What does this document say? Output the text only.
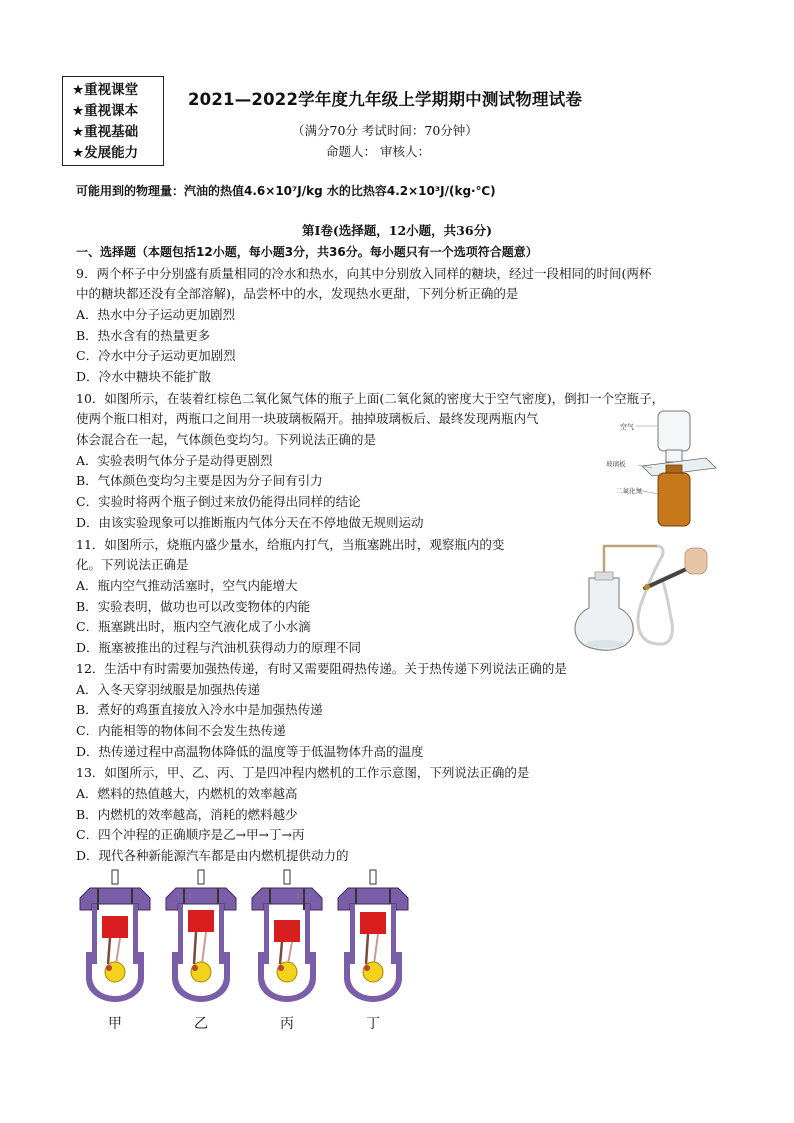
★重视课堂
★重视课本
★重视基础
★发展能力
2021—2022学年度九年级上学期期中测试物理试卷
（满分70分 考试时间：70分钟）
命题人： 审核人：
可能用到的物理量：汽油的热值4.6×10⁷J/kg 水的比热容4.2×10³J/(kg·℃)
第Ⅰ卷(选择题，12小题，共36分)
一、选择题（本题包括12小题，每小题3分，共36分。每小题只有一个选项符合题意）
9．两个杯子中分别盛有质量相同的冷水和热水，向其中分别放入同样的糖块，经过一段相同的时间(两杯
中的糖块都还没有全部溶解)，品尝杯中的水，发现热水更甜，下列分析正确的是
A．热水中分子运动更加剧烈
B．热水含有的热量更多
C．冷水中分子运动更加剧烈
D．冷水中糖块不能扩散
10．如图所示，在装着红棕色二氧化氮气体的瓶子上面(二氧化氮的密度大于空气密度)，倒扣一个空瓶子，
使两个瓶口相对，两瓶口之间用一块玻璃板隔开。抽掉玻璃板后、最终发现两瓶内气
体会混合在一起，气体颜色变均匀。下列说法正确的是
A．实验表明气体分子是动得更剧烈
B．气体颜色变均匀主要是因为分子间有引力
C．实验时将两个瓶子倒过来放仍能得出同样的结论
D．由该实验现象可以推断瓶内气体分天在不停地做无规则运动
空气
玻璃板
二氧化氮
11．如图所示，烧瓶内盛少量水，给瓶内打气，当瓶塞跳出时，观察瓶内的变
化。下列说法正确是
A．瓶内空气推动活塞时，空气内能增大
B．实验表明，做功也可以改变物体的内能
C．瓶塞跳出时，瓶内空气液化成了小水滴
D．瓶塞被推出的过程与汽油机获得动力的原理不同
12．生活中有时需要加强热传递，有时又需要阻碍热传递。关于热传递下列说法正确的是
A．入冬天穿羽绒服是加强热传递
B．煮好的鸡蛋直接放入冷水中是加强热传递
C．内能相等的物体间不会发生热传递
D．热传递过程中高温物体降低的温度等于低温物体升高的温度
13．如图所示，甲、乙、丙、丁是四冲程内燃机的工作示意图，下列说法正确的是
A．燃料的热值越大，内燃机的效率越高
B．内燃机的效率越高，消耗的燃料越少
C．四个冲程的正确顺序是乙→甲→丁→丙
D．现代各种新能源汽车都是由内燃机提供动力的
甲	乙	丙	丁
